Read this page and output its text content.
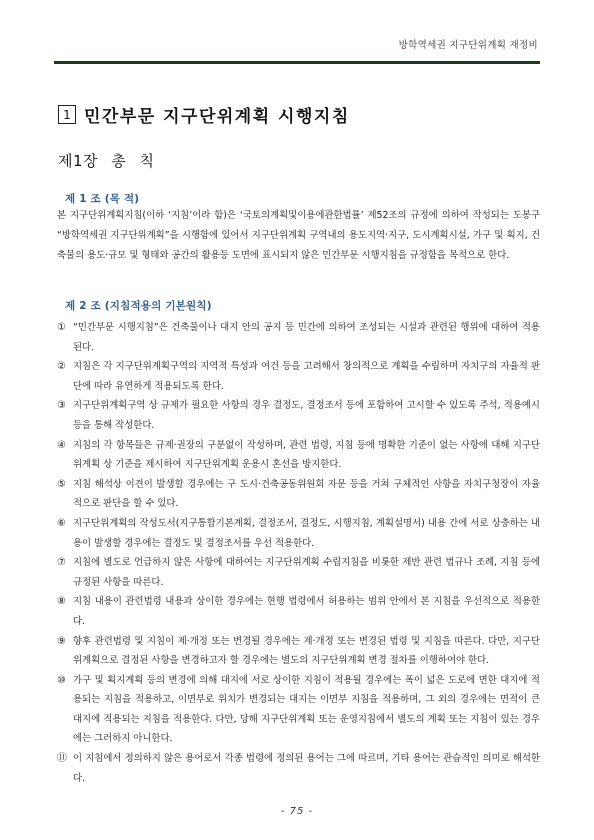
방학역세권 지구단위계획 재정비
1 민간부문 지구단위계획 시행지침
제1장 총 칙
제 1 조 (목 적)
본 지구단위계획지침(이하 ‘지침’이라 함)은 ‘국토의계획및이용에관한법률’ 제52조의 규정에 의하여 작성되는 도봉구 “방학역세권 지구단위계획”을 시행함에 있어서 지구단위계획 구역내의 용도지역·지구, 도시계획시설, 가구 및 획지, 건축물의 용도·규모 및 형태와 공간의 활용등 도면에 표시되지 않은 민간부문 시행지침을 규정함을 목적으로 한다.
제 2 조 (지침적용의 기본원칙)
① “민간부문 시행지침”은 건축물이나 대지 안의 공지 등 민간에 의하여 조성되는 시설과 관련된 행위에 대하여 적용된다.
② 지침은 각 지구단위계획구역의 지역적 특성과 여건 등을 고려해서 창의적으로 계획을 수립하며 자치구의 자율적 판단에 따라 유연하게 적용되도록 한다.
③ 지구단위계획구역 상 규제가 필요한 사항의 경우 결정도, 결정조서 등에 포함하여 고시할 수 있도록 주석, 적용예시 등을 통해 작성한다.
④ 지침의 각 항목들은 규제·권장의 구분없이 작성하며, 관련 법령, 지침 등에 명확한 기준이 없는 사항에 대해 지구단위계획 상 기준을 제시하여 지구단위계획 운용시 혼선을 방지한다.
⑤ 지침 해석상 이견이 발생할 경우에는 구 도시·건축공동위원회 자문 등을 거쳐 구체적인 사항을 자치구청장이 자율적으로 판단을 할 수 있다.
⑥ 지구단위계획의 작성도서(지구통합기본계획, 결정조서, 결정도, 시행지침, 계획설명서) 내용 간에 서로 상충하는 내용이 발생할 경우에는 결정도 및 결정조서를 우선 적용한다.
⑦ 지침에 별도로 언급하지 않은 사항에 대하여는 지구단위계획 수립지침을 비롯한 제반 관련 법규나 조례, 지침 등에 규정된 사항을 따른다.
⑧ 지침 내용이 관련법령 내용과 상이한 경우에는 현행 법령에서 허용하는 범위 안에서 본 지침을 우선적으로 적용한다.
⑨ 향후 관련법령 및 지침이 제·개정 또는 변경될 경우에는 제·개정 또는 변경된 법령 및 지침을 따른다. 다만, 지구단위계획으로 결정된 사항을 변경하고자 할 경우에는 별도의 지구단위계획 변경 절차를 이행하여야 한다.
⑩ 가구 및 획지계획 등의 변경에 의해 대지에 서로 상이한 지침이 적용될 경우에는 폭이 넓은 도로에 면한 대지에 적용되는 지침을 적용하고, 이면부로 위치가 변경되는 대지는 이면부 지침을 적용하며, 그 외의 경우에는 면적이 큰 대지에 적용되는 지침을 적용한다. 다만, 당해 지구단위계획 또는 운영지침에서 별도의 계획 또는 지침이 있는 경우에는 그러하지 아니한다.
⑪ 이 지침에서 정의하지 않은 용어로서 각종 법령에 정의된 용어는 그에 따르며, 기타 용어는 관습적인 의미로 해석한다.
- 75 -
